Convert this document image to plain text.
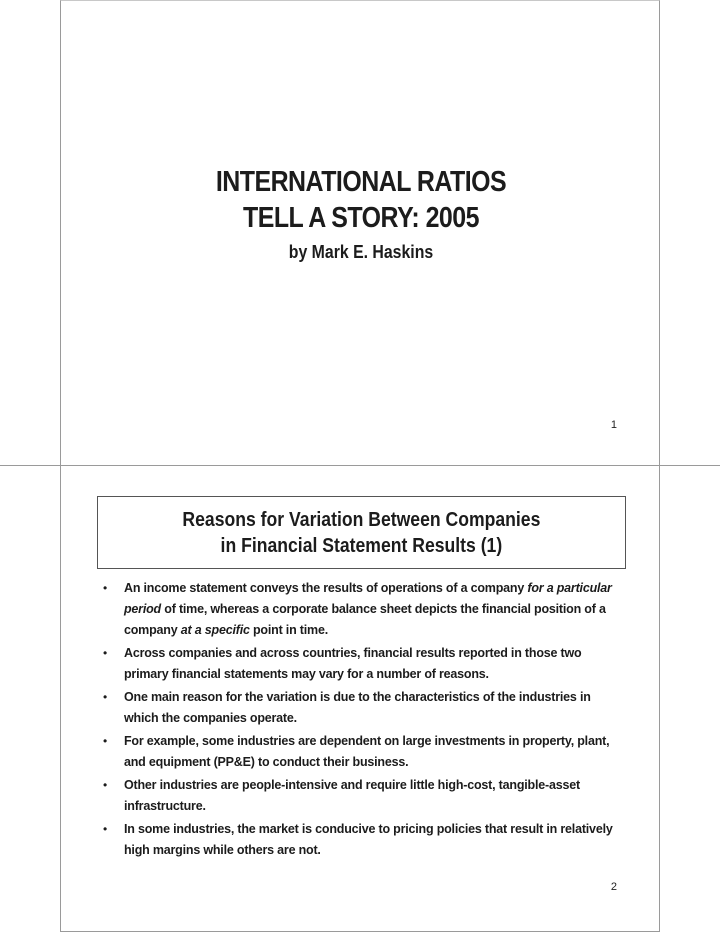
INTERNATIONAL RATIOS
TELL A STORY: 2005
by Mark E. Haskins
1
Reasons for Variation Between Companies
in Financial Statement Results (1)
• An income statement conveys the results of operations of a company for a particular period of time, whereas a corporate balance sheet depicts the financial position of a company at a specific point in time.
• Across companies and across countries, financial results reported in those two primary financial statements may vary for a number of reasons.
• One main reason for the variation is due to the characteristics of the industries in which the companies operate.
• For example, some industries are dependent on large investments in property, plant, and equipment (PP&E) to conduct their business.
• Other industries are people-intensive and require little high-cost, tangible-asset infrastructure.
• In some industries, the market is conducive to pricing policies that result in relatively high margins while others are not.
2
